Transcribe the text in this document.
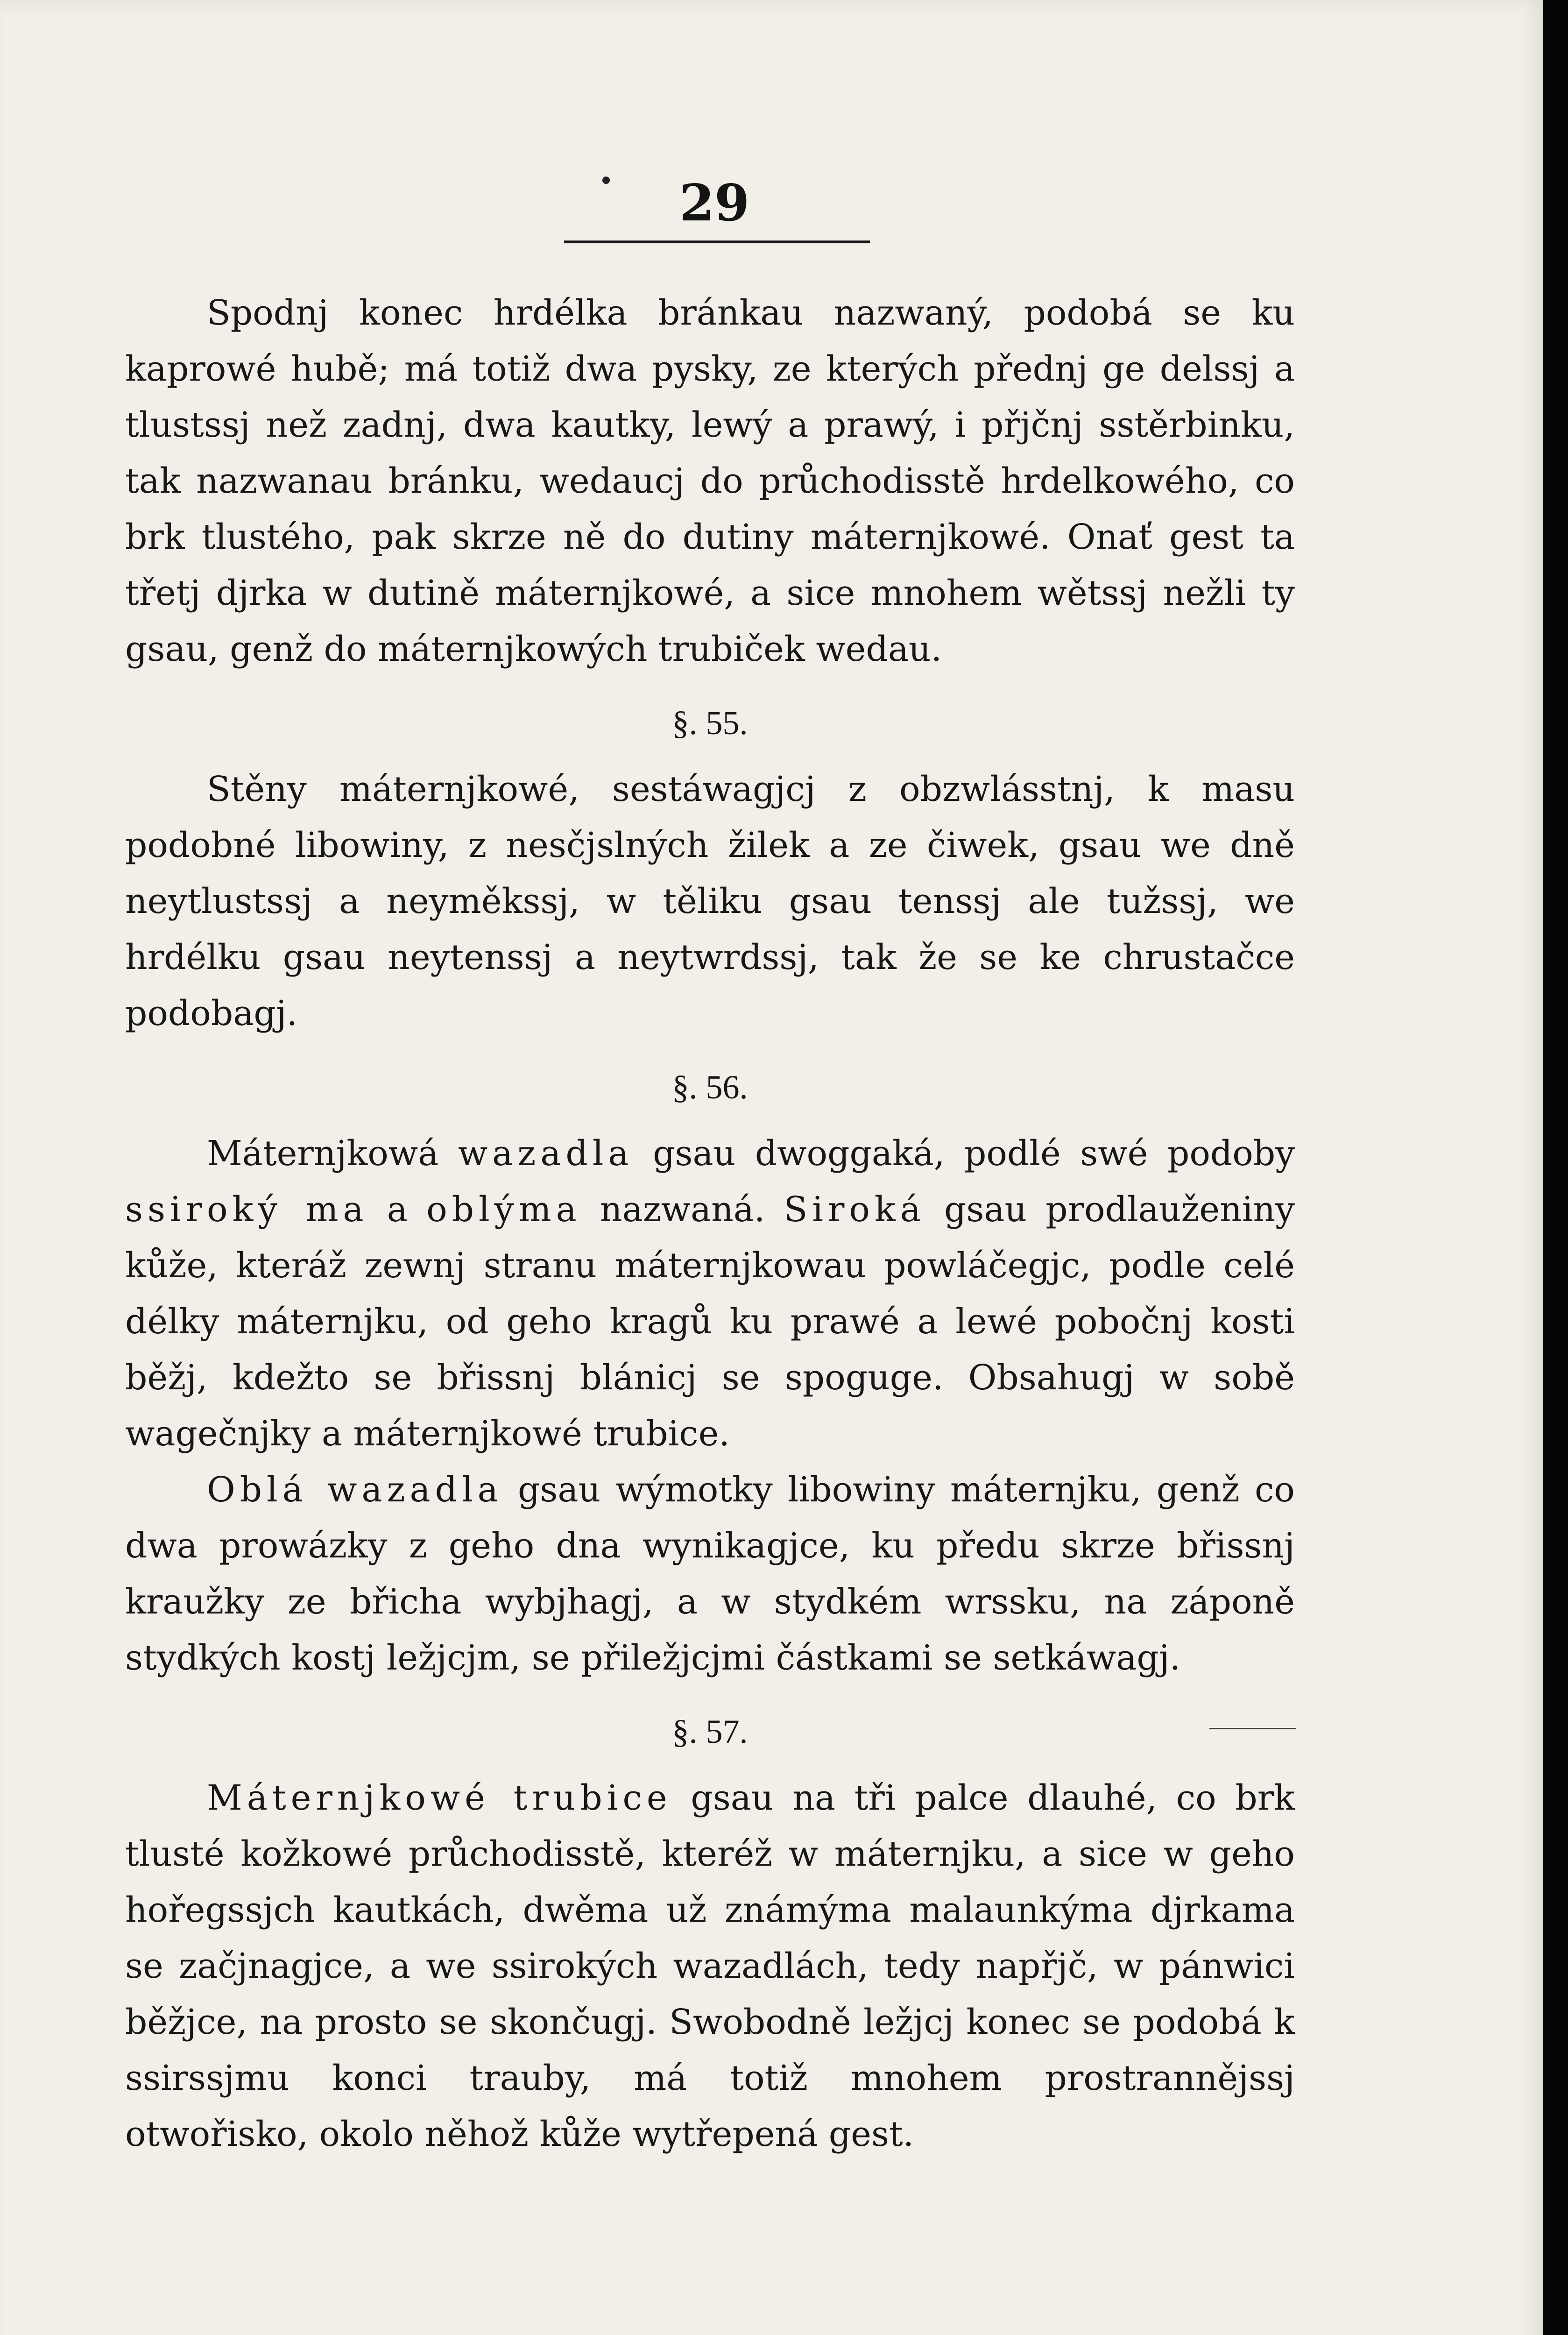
29

Spodnj konec hrdélka bránkau nazwaný, podobá se ku kaprowé hubě; má totiž dwa pysky, ze kterých přednj ge delssj a tlustssj než zadnj, dwa kautky, lewý a prawý, i přjčnj sstěrbinku, tak nazwanau bránku, wedaucj do průchodisstě hrdelkowého, co brk tlustého, pak skrze ně do dutiny máternjkowé. Onať gest ta třetj djrka w dutině máternjkowé, a sice mnohem wětssj nežli ty gsau, genž do máternjkowých trubiček wedau.

§. 55.

Stěny máternjkowé, sestáwagjcj z obzwlásstnj, k masu podobné libowiny, z nesčjslných žilek a ze čiwek, gsau we dně neytlustssj a neyměkssj, w těliku gsau tenssj ale tužssj, we hrdélku gsau neytenssj a neytwrdssj, tak že se ke chrustačce podobagj.

§. 56.

Máternjkowá wazadla gsau dwoggaká, podlé swé podoby ssiroký ma a oblýma nazwaná. Siroká gsau prodlauženiny kůže, kteráž zewnj stranu máternjkowau powláčegjc, podle celé délky máternjku, od geho kragů ku prawé a lewé pobočnj kosti běžj, kdežto se břissnj blánicj se spoguge. Obsahugj w sobě wagečnjky a máternjkowé trubice.

Oblá wazadla gsau wýmotky libowiny máternjku, genž co dwa prowázky z geho dna wynikagjce, ku předu skrze břissnj kraužky ze břicha wybjhagj, a w stydkém wrssku, na záponě stydkých kostj ležjcjm, se přiležjcjmi částkami se setkáwagj.

§. 57.

Máternjkowé trubice gsau na tři palce dlauhé, co brk tlusté kožkowé průchodisstě, kteréž w máternjku, a sice w geho hořegssjch kautkách, dwěma už známýma malaunkýma djrkama se začjnagjce, a we ssirokých wazadlách, tedy napřjč, w pánwici běžjce, na prosto se skončugj. Swobodně ležjcj konec se podobá k ssirssjmu konci trauby, má totiž mnohem prostrannějssj otwořisko, okolo něhož kůže wytřepená gest.
